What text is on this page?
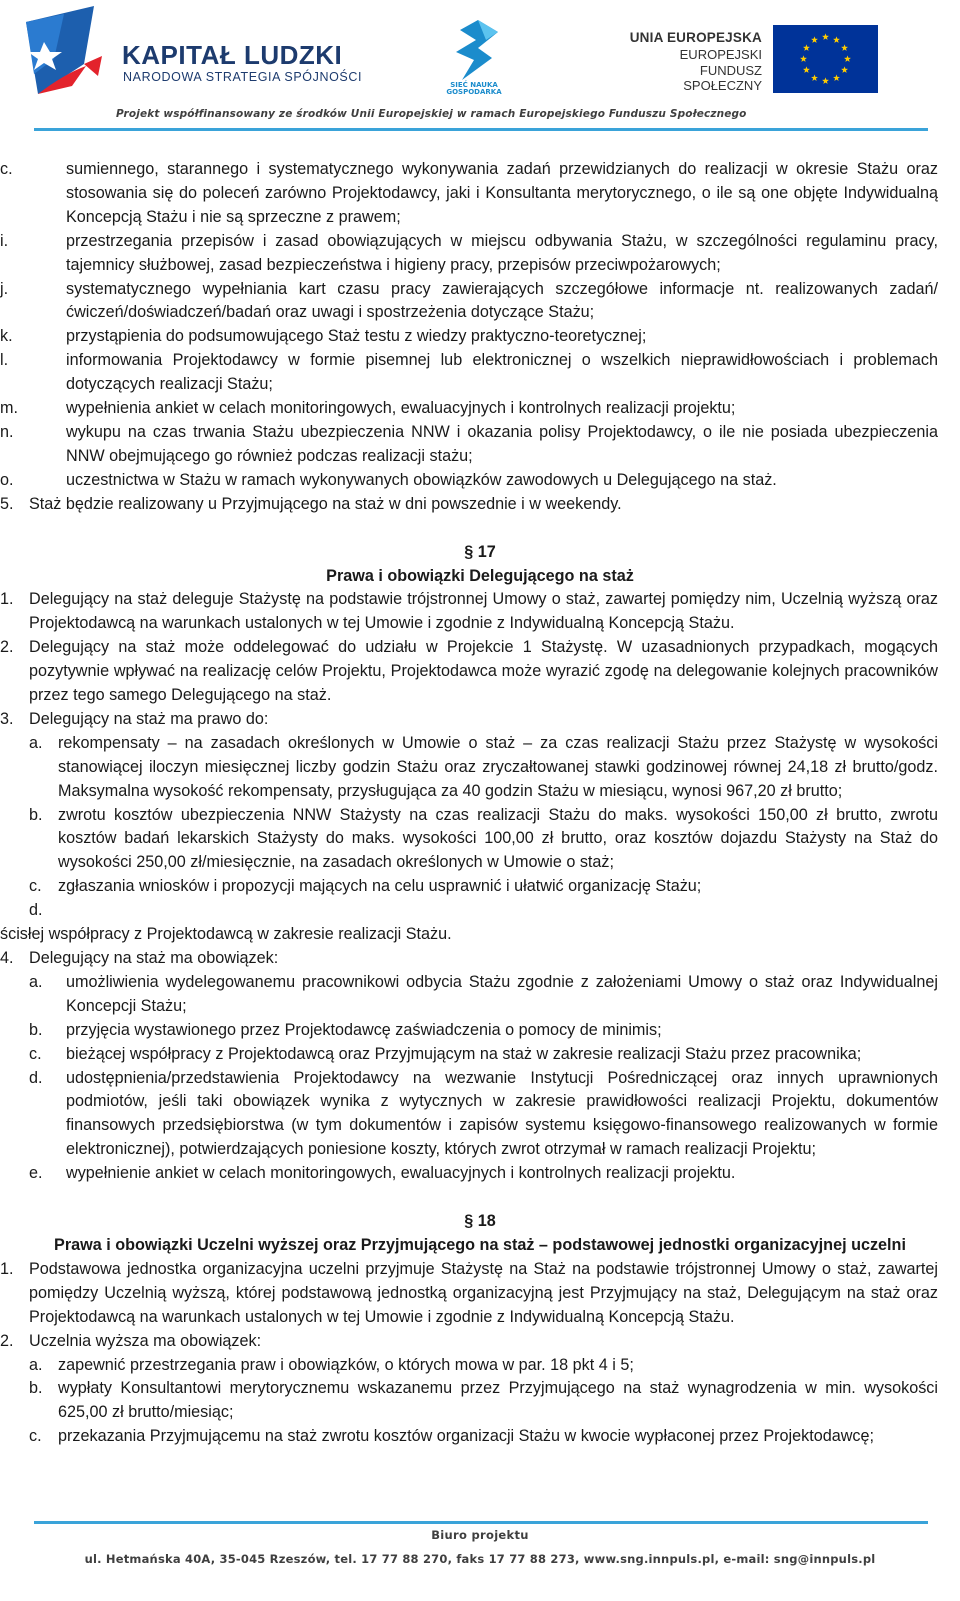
KAPITAŁ LUDZKI
NARODOWA STRATEGIA SPÓJNOŚCI
SIEĆ NAUKA GOSPODARKA
UNIA EUROPEJSKA
EUROPEJSKI
FUNDUSZ SPOŁECZNY
Projekt współfinansowany ze środków Unii Europejskiej w ramach Europejskiego Funduszu Społecznego
c.	sumiennego, starannego i systematycznego wykonywania zadań przewidzianych do realizacji w okresie Stażu oraz stosowania się do poleceń zarówno Projektodawcy, jaki i Konsultanta merytorycznego, o ile są one objęte Indywidualną Koncepcją Stażu i nie są sprzeczne z prawem;
i.	przestrzegania przepisów i zasad obowiązujących w miejscu odbywania Stażu, w szczególności regulaminu pracy, tajemnicy służbowej, zasad bezpieczeństwa i higieny pracy, przepisów przeciwpożarowych;
j.	systematycznego wypełniania kart czasu pracy zawierających szczegółowe informacje nt. realizowanych zadań/ćwiczeń/doświadczeń/badań oraz uwagi i spostrzeżenia dotyczące Stażu;
k.	przystąpienia do podsumowującego Staż testu z wiedzy praktyczno-teoretycznej;
l.	informowania Projektodawcy w formie pisemnej lub elektronicznej o wszelkich nieprawidłowościach i problemach dotyczących realizacji Stażu;
m.	wypełnienia ankiet w celach monitoringowych, ewaluacyjnych i kontrolnych realizacji projektu;
n.	wykupu na czas trwania Stażu ubezpieczenia NNW i okazania polisy Projektodawcy, o ile nie posiada ubezpieczenia NNW obejmującego go również podczas realizacji stażu;
o.	uczestnictwa w Stażu w ramach wykonywanych obowiązków zawodowych u Delegującego na staż.
5. Staż będzie realizowany u Przyjmującego na staż w dni powszednie i w weekendy.
§ 17
Prawa i obowiązki Delegującego na staż
1. Delegujący na staż deleguje Stażystę na podstawie trójstronnej Umowy o staż, zawartej pomiędzy nim, Uczelnią wyższą oraz Projektodawcą na warunkach ustalonych w tej Umowie i zgodnie z Indywidualną Koncepcją Stażu.
2. Delegujący na staż może oddelegować do udziału w Projekcie 1 Stażystę. W uzasadnionych przypadkach, mogących pozytywnie wpływać na realizację celów Projektu, Projektodawca może wyrazić zgodę na delegowanie kolejnych pracowników przez tego samego Delegującego na staż.
3. Delegujący na staż ma prawo do:
a. rekompensaty – na zasadach określonych w Umowie o staż – za czas realizacji Stażu przez Stażystę w wysokości stanowiącej iloczyn miesięcznej liczby godzin Stażu oraz zryczałtowanej stawki godzinowej równej 24,18 zł brutto/godz. Maksymalna wysokość rekompensaty, przysługująca za 40 godzin Stażu w miesiącu, wynosi 967,20 zł brutto;
b. zwrotu kosztów ubezpieczenia NNW Stażysty na czas realizacji Stażu do maks. wysokości 150,00 zł brutto, zwrotu kosztów badań lekarskich Stażysty do maks. wysokości 100,00 zł brutto, oraz kosztów dojazdu Stażysty na Staż do wysokości 250,00 zł/miesięcznie, na zasadach określonych w Umowie o staż;
c. zgłaszania wniosków i propozycji mających na celu usprawnić i ułatwić organizację Stażu;
d.

ścisłej współpracy z Projektodawcą w zakresie realizacji Stażu.
4. Delegujący na staż ma obowiązek:
a. umożliwienia wydelegowanemu pracownikowi odbycia Stażu zgodnie z założeniami Umowy o staż oraz Indywidualnej Koncepcji Stażu;
b. przyjęcia wystawionego przez Projektodawcę zaświadczenia o pomocy de minimis;
c. bieżącej współpracy z Projektodawcą oraz Przyjmującym na staż w zakresie realizacji Stażu przez pracownika;
d. udostępnienia/przedstawienia Projektodawcy na wezwanie Instytucji Pośredniczącej oraz innych uprawnionych podmiotów, jeśli taki obowiązek wynika z wytycznych w zakresie prawidłowości realizacji Projektu, dokumentów finansowych przedsiębiorstwa (w tym dokumentów i zapisów systemu księgowo-finansowego realizowanych w formie elektronicznej), potwierdzających poniesione koszty, których zwrot otrzymał w ramach realizacji Projektu;
e. wypełnienie ankiet w celach monitoringowych, ewaluacyjnych i kontrolnych realizacji projektu.
§ 18
Prawa i obowiązki Uczelni wyższej oraz Przyjmującego na staż – podstawowej jednostki organizacyjnej uczelni
1. Podstawowa jednostka organizacyjna uczelni przyjmuje Stażystę na Staż na podstawie trójstronnej Umowy o staż, zawartej pomiędzy Uczelnią wyższą, której podstawową jednostką organizacyjną jest Przyjmujący na staż, Delegującym na staż oraz Projektodawcą na warunkach ustalonych w tej Umowie i zgodnie z Indywidualną Koncepcją Stażu.
2. Uczelnia wyższa ma obowiązek:
a. zapewnić przestrzegania praw i obowiązków, o których mowa w par. 18 pkt 4 i 5;
b. wypłaty Konsultantowi merytorycznemu wskazanemu przez Przyjmującego na staż wynagrodzenia w min. wysokości 625,00 zł brutto/miesiąc;
c. przekazania Przyjmującemu na staż zwrotu kosztów organizacji Stażu w kwocie wypłaconej przez Projektodawcę;
Biuro projektu
ul. Hetmańska 40A, 35-045 Rzeszów, tel. 17 77 88 270, faks 17 77 88 273, www.sng.innpuls.pl, e-mail: sng@innpuls.pl
